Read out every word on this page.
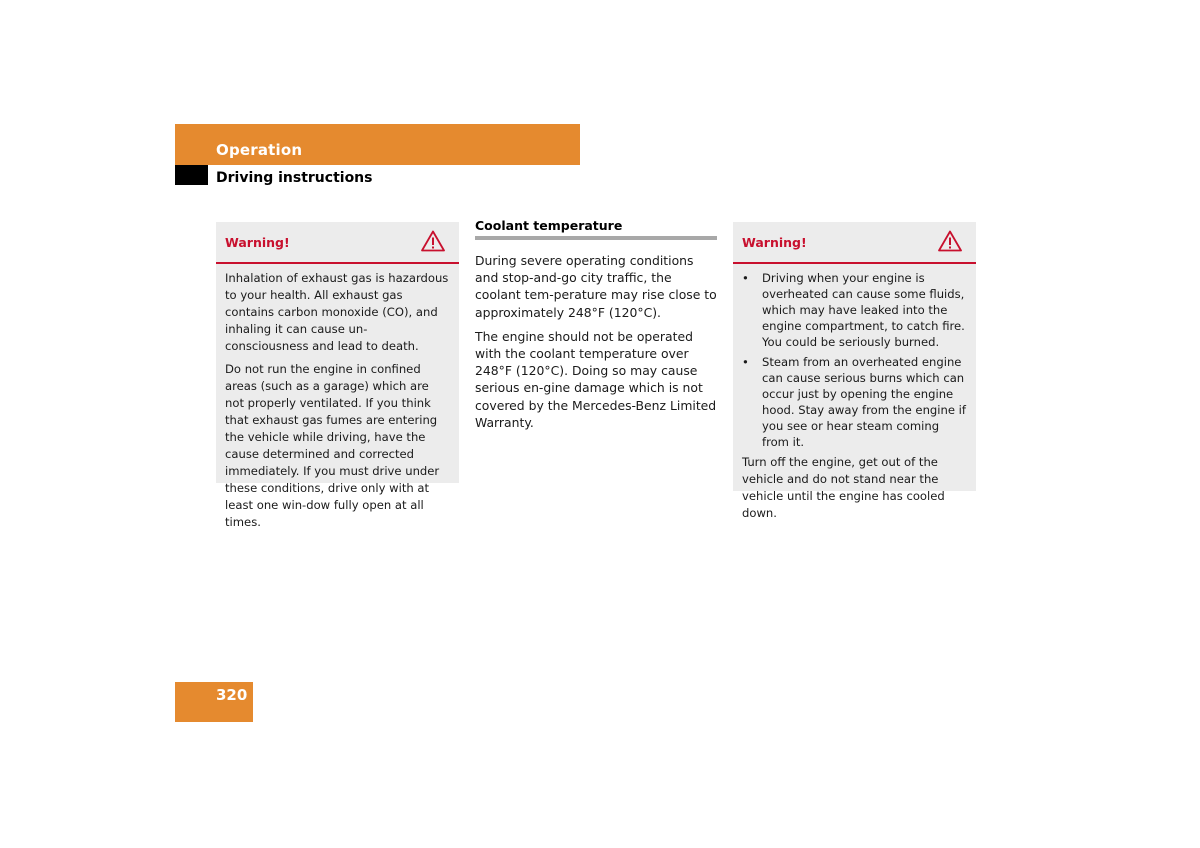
Operation
Driving instructions
Warning!

Inhalation of exhaust gas is hazardous to your health. All exhaust gas contains carbon monoxide (CO), and inhaling it can cause un-consciousness and lead to death.

Do not run the engine in confined areas (such as a garage) which are not properly ventilated. If you think that exhaust gas fumes are entering the vehicle while driving, have the cause determined and corrected immediately. If you must drive under these conditions, drive only with at least one win-dow fully open at all times.

Coolant temperature

During severe operating conditions and stop-and-go city traffic, the coolant tem-perature may rise close to approximately 248°F (120°C).

The engine should not be operated with the coolant temperature over 248°F (120°C). Doing so may cause serious en-gine damage which is not covered by the Mercedes-Benz Limited Warranty.

Warning!
• Driving when your engine is overheated can cause some fluids, which may have leaked into the engine compartment, to catch fire. You could be seriously burned.
• Steam from an overheated engine can cause serious burns which can occur just by opening the engine hood. Stay away from the engine if you see or hear steam coming from it.

Turn off the engine, get out of the vehicle and do not stand near the vehicle until the engine has cooled down.

320
